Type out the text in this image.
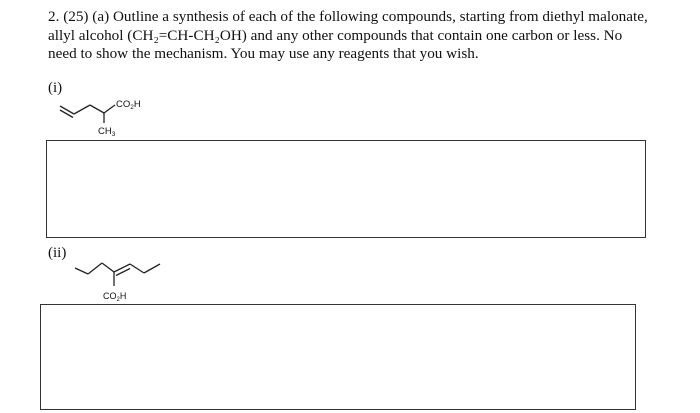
2. (25) (a) Outline a synthesis of each of the following compounds, starting from diethyl malonate, allyl alcohol (CH₂=CH-CH₂OH) and any other compounds that contain one carbon or less. No need to show the mechanism. You may use any reagents that you wish.

(i)
$CO_2H$
$CH_3$
(ii)
$CO_2H$
